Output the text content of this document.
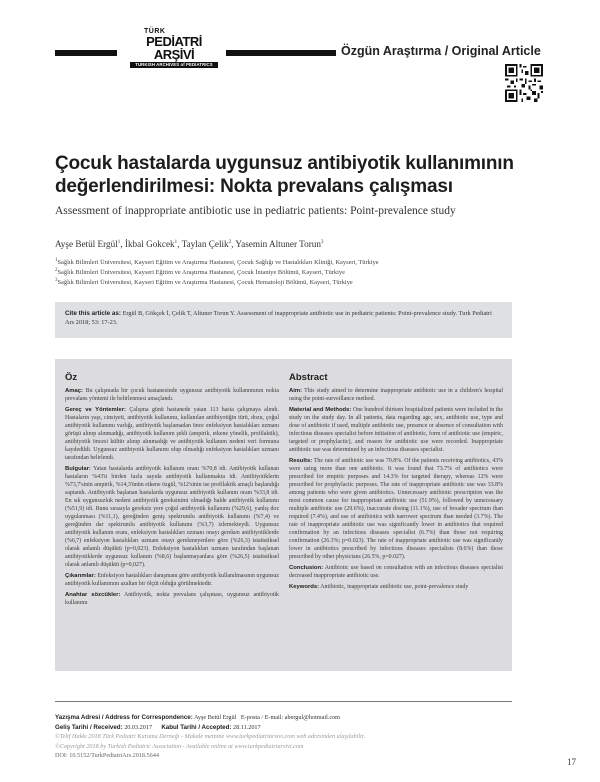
TÜRK
PEDİATRİ ARŞİVİ
TURKISH ARCHIVES of PEDIATRICS
Özgün Araştırma / Original Article
Çocuk hastalarda uygunsuz antibiyotik kullanımının değerlendirilmesi: Nokta prevalans çalışması
Assessment of inappropriate antibiotic use in pediatric patients: Point-prevalence study
Ayşe Betül Ergül$^1$, İkbal Gokcek$^1$, Taylan Çelik$^2$, Yasemin Altuner Torun$^3$
$^1$Sağlık Bilimleri Üniversitesi, Kayseri Eğitim ve Araştırma Hastanesi, Çocuk Sağlığı ve Hastalıkları Kliniği, Kayseri, Türkiye
$^2$Sağlık Bilimleri Üniversitesi, Kayseri Eğitim ve Araştırma Hastanesi, Çocuk İntaniye Bölümü, Kayseri, Türkiye
$^3$Sağlık Bilimleri Üniversitesi, Kayseri Eğitim ve Araştırma Hastanesi, Çocuk Hematoloji Bölümü, Kayseri, Türkiye
Cite this article as: Ergül B, Gökçek İ, Çelik T, Altuner Torun Y. Assessment of inappropriate antibiotic use in pediatric patients: Point-prevalence study. Turk Pediatri Ars 2018; 53: 17-23.
Öz

Amaç: Bu çalışmada bir çocuk hastanesinde uygunsuz antibiyotik kullanımının nokta prevalans yöntemi ile belirlenmesi amaçlandı.

Gereç ve Yöntemler: Çalışma günü hastanede yatan 113 hasta çalışmaya alındı. Hastaların yaşı, cinsiyeti, antibiyotik kullanımı, kullanılan antibiyotiğin türü, dozu, çoğul antibiyotik kullanımı varlığı, antibiyotik başlamadan önce enfeksiyon hastalıkları uzmanı görüşü alınıp alınmadığı, antibiyotik kullanım şekli (ampirik, etkene yönelik, profilaktik), antibiyotik öncesi kültür alınıp alınmadığı ve antibiyotik kullanım nedeni veri formuna kaydedildi. Uygunsuz antibiyotik kullanımı olup olmadığı enfeksiyon hastalıkları uzmanı tarafından belirlendi.

Bulgular: Yatan hastalarda antibiyotik kullanım oranı %70,8 idi. Antibiyotik kullanan hastaların %43'ü birden fazla sayıda antibiyotik kullanmakta idi. Antibiyotiklerin %73,7'sinin ampirik, %14,3'ünün etkene özgül, %12'sinin ise profilaktik amaçlı başlandığı saptandı. Antibiyotik başlanan hastalarda uygunsuz antibiyotik kullanım oranı %33,8 idi. En sık uygunsuzluk nedeni antibiyotik gereksinimi olmadığı halde antibiyotik kullanımı (%51,9) idi. Bunu sırasıyla gereksiz yere çoğul antibiyotik kullanımı (%29,6), yanlış doz uygulanması (%11,1), gereğinden geniş spektrumlu antibiyotik kullanımı (%7,4) ve gereğinden dar spektrumlu antibiyotik kullanımı (%3,7) izlemekteydi. Uygunsuz antibiyotik kullanım oranı, enfeksiyon hastalıkları uzmanı onayı gereken antibiyotiklerde (%6,7) enfeksiyon hastalıkları uzmanı onayı gerekmeyenlere göre (%26,3) istatistiksel olarak anlamlı düşüktü (p=0,023). Enfeksiyon hastalıkları uzmanı tarafından başlanan antibiyotiklerde uygunsuz kullanım (%8,6) başlanmayanlara göre (%26,5) istatistiksel olarak anlamlı düşüktü (p=0,027).

Çıkarımlar: Enfeksiyon hastalıkları danışmanı göre antibiyotik kullanılmasının uygunsuz antibiyotik kullanımını azaltan bir ölçüt olduğu görülmektedir.

Anahtar sözcükler: Antibiyotik, nokta prevalans çalışması, uygunsuz antibiyotik kullanımı

Abstract

Aim: This study aimed to determine inappropriate antibiotic use in a children's hospital using the point-surveillance method.

Material and Methods: One hundred thirteen hospitalized patients were included in the study on the study day. In all patients, data regarding age, sex, antibiotic use, type and dose of antibiotic if used, multiple antibiotic use, presence or absence of consultation with infectious diseases specialist before initiation of antibiotic, form of antibiotic use (empiric, targeted or prophylactic), and reason for antibiotic use were recorded. Inappropriate antibiotic use was determined by an infectious diseases specialist.

Results: The rate of antibiotic use was 70.8%. Of the patients receiving antibiotics, 43% were using more than one antibiotic. It was found that 73.7% of antibiotics were prescribed for empiric purposes and 14.3% for targeted therapy, whereas 12% were prescribed for prophylactic purposes. The rate of inappropriate antibiotic use was 33.8% among patients who were given antibiotics. Unnecessary antibiotic prescription was the most common cause for inappropriate antibiotic use (51.9%), followed by unnecessary multiple antibiotic use (29.6%), inaccurate dosing (11.1%), use of broader spectrum than required (7.4%), and use of antibiotics with narrower spectrum than needed (3.7%). The rate of inappropriate antibiotic use was significantly lower in antibiotics that required confirmation by an infectious diseases specialist (6.7%) than those not requiring confirmation (26.3%; p=0.023). The rate of inappropriate antibiotic use was significantly lower in antibiotics prescribed by infectious diseases specialists (8.6%) than those prescribed by other physicians (26.5%, p=0.027).

Conclusion: Antibiotic use based on consultation with an infectious diseases specialist decreased inappropriate antibiotic use.

Keywords: Antibiotic, inappropriate antibiotic use, point-prevalence study

Yazışma Adresi / Address for Correspondence: Ayşe Betül Ergül E-posta / E-mail: abergul@hotmail.com
Geliş Tarihi / Received: 20.03.2017 Kabul Tarihi / Accepted: 28.11.2017
©Telif Hakkı 2018 Türk Pediatri Kurumu Derneği - Makale metnine www.turkpediatriarsivi.com web adresinden ulaşılabilir.
©Copyright 2018 by Turkish Pediatric Association - Available online at www.turkpediatriarsivi.com
DOI: 10.5152/TurkPediatriArs.2018.5644
17
